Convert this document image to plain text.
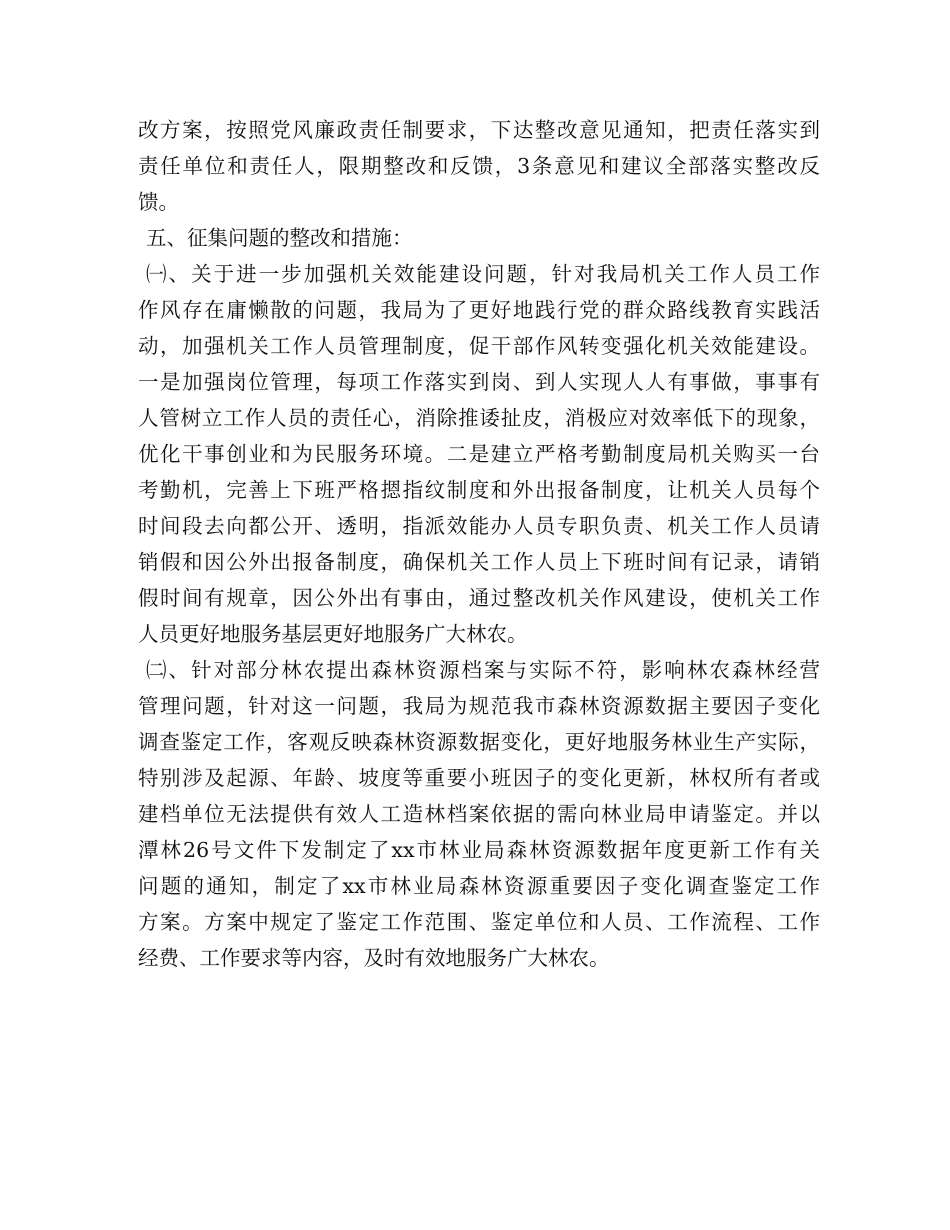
改方案，按照党风廉政责任制要求，下达整改意见通知，把责任落实到
责任单位和责任人，限期整改和反馈，3条意见和建议全部落实整改反
馈。
五、征集问题的整改和措施：
㈠、关于进一步加强机关效能建设问题，针对我局机关工作人员工作
作风存在庸懒散的问题，我局为了更好地践行党的群众路线教育实践活
动，加强机关工作人员管理制度，促干部作风转变强化机关效能建设。
一是加强岗位管理，每项工作落实到岗、到人实现人人有事做，事事有
人管树立工作人员的责任心，消除推诿扯皮，消极应对效率低下的现象，
优化干事创业和为民服务环境。二是建立严格考勤制度局机关购买一台
考勤机，完善上下班严格摁指纹制度和外出报备制度，让机关人员每个
时间段去向都公开、透明，指派效能办人员专职负责、机关工作人员请
销假和因公外出报备制度，确保机关工作人员上下班时间有记录，请销
假时间有规章，因公外出有事由，通过整改机关作风建设，使机关工作
人员更好地服务基层更好地服务广大林农。
㈡、针对部分林农提出森林资源档案与实际不符，影响林农森林经营
管理问题，针对这一问题，我局为规范我市森林资源数据主要因子变化
调查鉴定工作，客观反映森林资源数据变化，更好地服务林业生产实际，
特别涉及起源、年龄、坡度等重要小班因子的变化更新，林权所有者或
建档单位无法提供有效人工造林档案依据的需向林业局申请鉴定。并以
潭林26号文件下发制定了xx市林业局森林资源数据年度更新工作有关
问题的通知，制定了xx市林业局森林资源重要因子变化调查鉴定工作
方案。方案中规定了鉴定工作范围、鉴定单位和人员、工作流程、工作
经费、工作要求等内容，及时有效地服务广大林农。
